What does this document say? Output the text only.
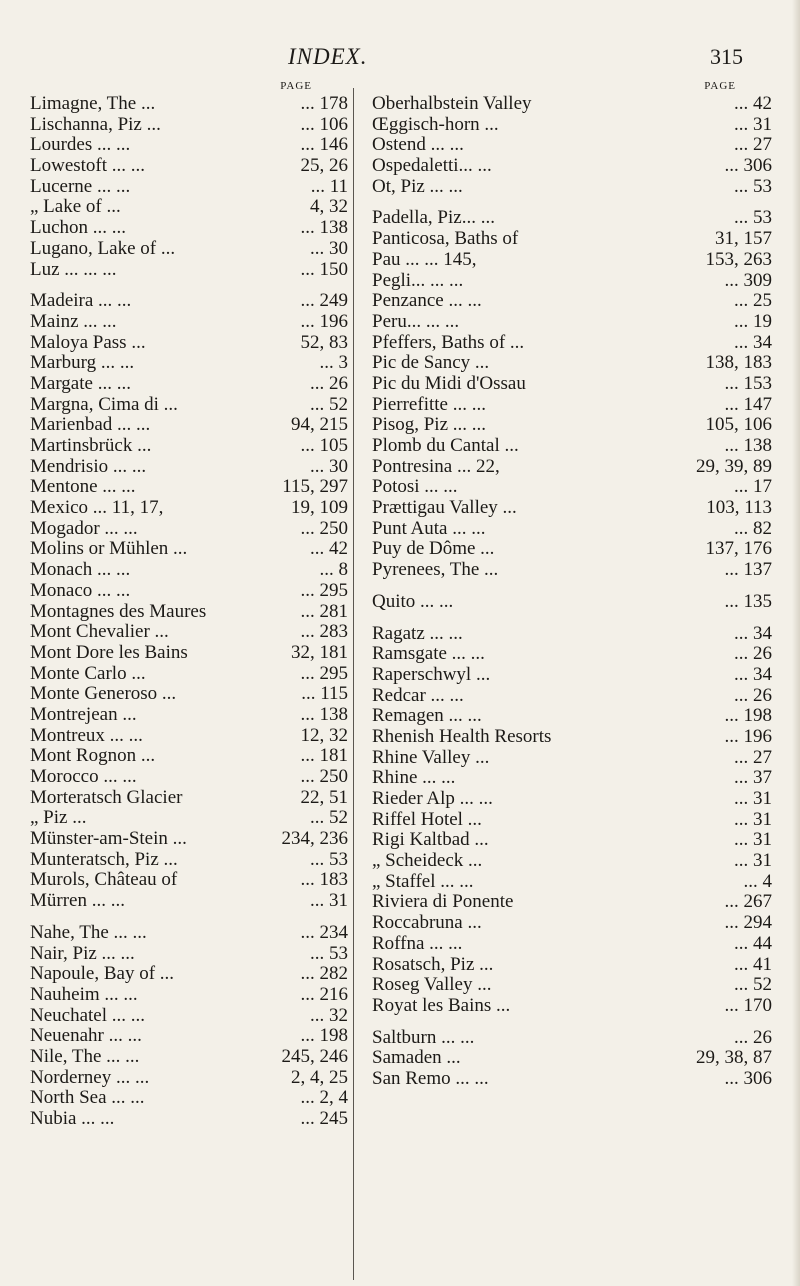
INDEX.	315
PAGE
Limagne, The ...	... 178
Lischanna, Piz ...	... 106
Lourdes ... ...	... 146
Lowestoft ... ...	25, 26
Lucerne ... ...	... 11
„ Lake of ...	4, 32
Luchon ... ...	... 138
Lugano, Lake of ...	... 30
Luz ... ... ...	... 150
Madeira ... ...	... 249
Mainz ... ...	... 196
Maloya Pass ...	52, 83
Marburg ... ...	... 3
Margate ... ...	... 26
Margna, Cima di ...	... 52
Marienbad ... ...	94, 215
Martinsbrück ...	... 105
Mendrisio ... ...	... 30
Mentone ... ...	115, 297
Mexico ... 11, 17,	19, 109
Mogador ... ...	... 250
Molins or Mühlen ...	... 42
Monach ... ...	... 8
Monaco ... ...	... 295
Montagnes des Maures	... 281
Mont Chevalier ...	... 283
Mont Dore les Bains	32, 181
Monte Carlo ...	... 295
Monte Generoso ...	... 115
Montrejean ...	... 138
Montreux ... ...	12, 32
Mont Rognon ...	... 181
Morocco ... ...	... 250
Morteratsch Glacier	22, 51
„ Piz ...	... 52
Münster-am-Stein ...	234, 236
Munteratsch, Piz ...	... 53
Murols, Château of	... 183
Mürren ... ...	... 31
Nahe, The ... ...	... 234
Nair, Piz ... ...	... 53
Napoule, Bay of ...	... 282
Nauheim ... ...	... 216
Neuchatel ... ...	... 32
Neuenahr ... ...	... 198
Nile, The ... ...	245, 246
Norderney ... ...	2, 4, 25
North Sea ... ...	... 2, 4
Nubia ... ...	... 245
PAGE
Oberhalbstein Valley	... 42
Œggisch-horn ...	... 31
Ostend ... ...	... 27
Ospedaletti... ...	... 306
Ot, Piz ... ...	... 53
Padella, Piz... ...	... 53
Panticosa, Baths of	31, 157
Pau ... ... 145,	153, 263
Pegli... ... ...	... 309
Penzance ... ...	... 25
Peru... ... ...	... 19
Pfeffers, Baths of ...	... 34
Pic de Sancy ...	138, 183
Pic du Midi d'Ossau	... 153
Pierrefitte ... ...	... 147
Pisog, Piz ... ...	105, 106
Plomb du Cantal ...	... 138
Pontresina ... 22,	29, 39, 89
Potosi ... ...	... 17
Prættigau Valley ...	103, 113
Punt Auta ... ...	... 82
Puy de Dôme ...	137, 176
Pyrenees, The ...	... 137
Quito ... ...	... 135
Ragatz ... ...	... 34
Ramsgate ... ...	... 26
Raperschwyl ...	... 34
Redcar ... ...	... 26
Remagen ... ...	... 198
Rhenish Health Resorts	... 196
Rhine Valley ...	... 27
Rhine ... ...	... 37
Rieder Alp ... ...	... 31
Riffel Hotel ...	... 31
Rigi Kaltbad ...	... 31
„ Scheideck ...	... 31
„ Staffel ... ...	... 4
Riviera di Ponente	... 267
Roccabruna ...	... 294
Roffna ... ...	... 44
Rosatsch, Piz ...	... 41
Roseg Valley ...	... 52
Royat les Bains ...	... 170
Saltburn ... ...	... 26
Samaden ...	29, 38, 87
San Remo ... ...	... 306
